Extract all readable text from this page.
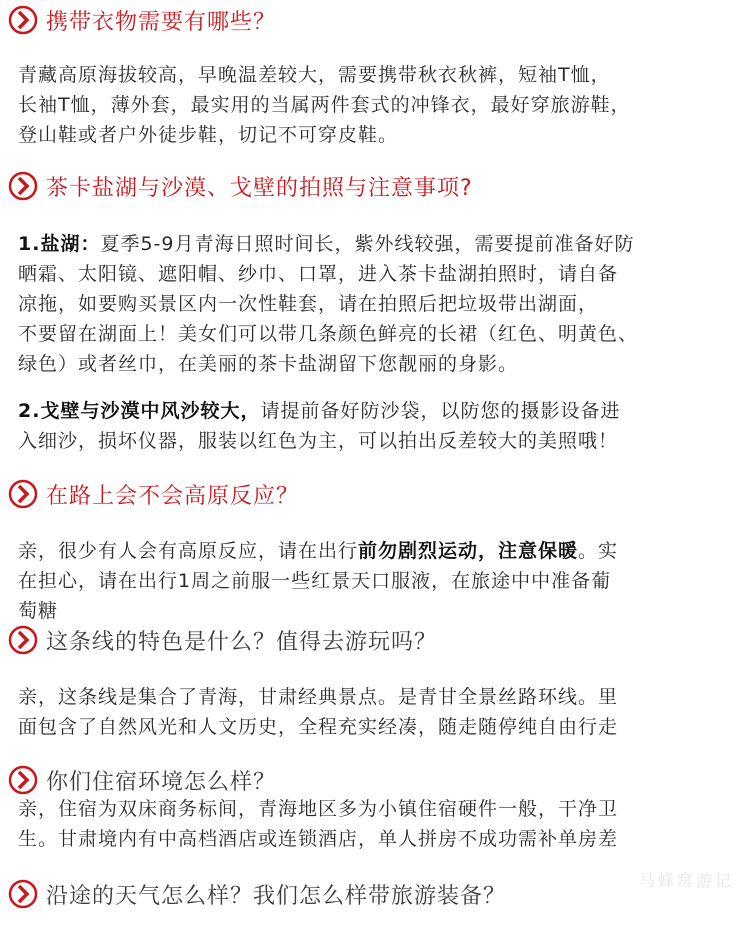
携带衣物需要有哪些？
青藏高原海拔较高，早晚温差较大，需要携带秋衣秋裤，短袖T恤，
长袖T恤，薄外套，最实用的当属两件套式的冲锋衣，最好穿旅游鞋，
登山鞋或者户外徒步鞋，切记不可穿皮鞋。
茶卡盐湖与沙漠、戈壁的拍照与注意事项?
1.盐湖：夏季5-9月青海日照时间长，紫外线较强，需要提前准备好防
晒霜、太阳镜、遮阳帽、纱巾、口罩，进入茶卡盐湖拍照时，请自备
凉拖，如要购买景区内一次性鞋套，请在拍照后把垃圾带出湖面，
不要留在湖面上！美女们可以带几条颜色鲜亮的长裙（红色、明黄色、
绿色）或者丝巾，在美丽的茶卡盐湖留下您靓丽的身影。
2.戈壁与沙漠中风沙较大，请提前备好防沙袋，以防您的摄影设备进
入细沙，损坏仪器，服装以红色为主，可以拍出反差较大的美照哦！
在路上会不会高原反应？
亲，很少有人会有高原反应，请在出行前勿剧烈运动，注意保暖。实
在担心，请在出行1周之前服一些红景天口服液，在旅途中中准备葡
萄糖
这条线的特色是什么？值得去游玩吗？
亲，这条线是集合了青海，甘肃经典景点。是青甘全景丝路环线。里
面包含了自然风光和人文历史，全程充实经凑，随走随停纯自由行走
你们住宿环境怎么样？
亲，住宿为双床商务标间，青海地区多为小镇住宿硬件一般，干净卫
生。甘肃境内有中高档酒店或连锁酒店，单人拼房不成功需补单房差
沿途的天气怎么样？我们怎么样带旅游装备？
马蜂窝游记
